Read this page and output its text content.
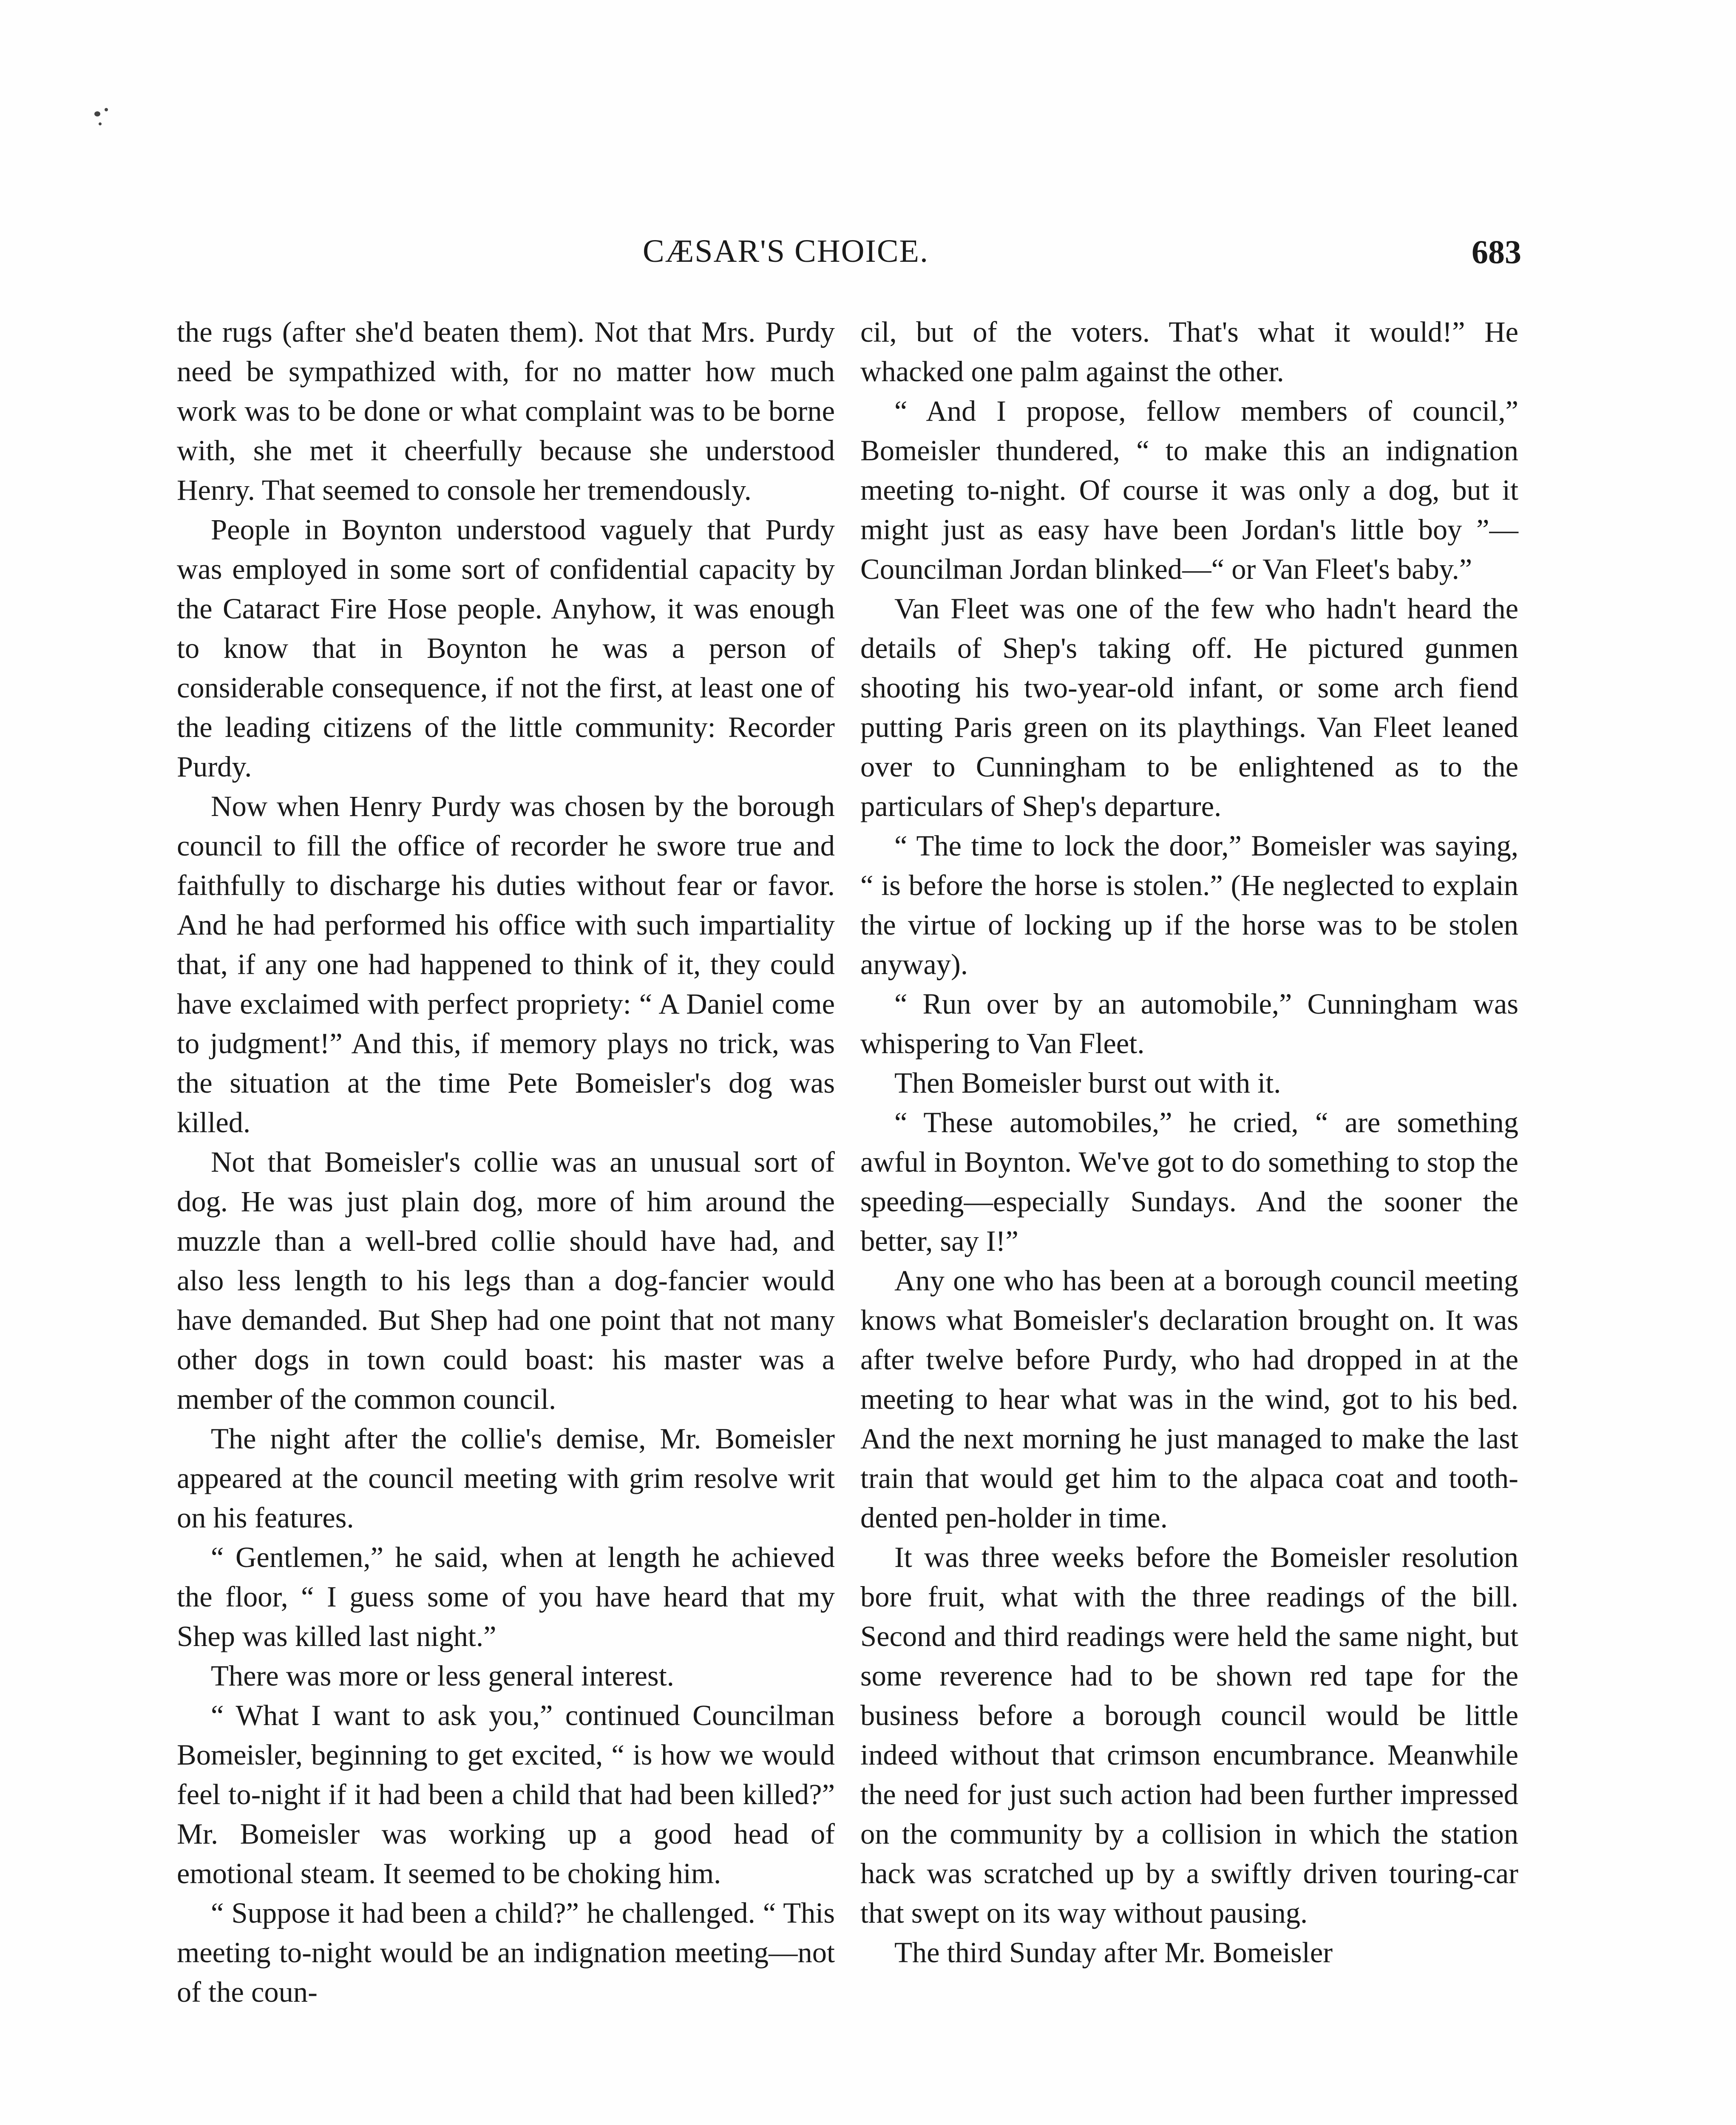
CÆSAR'S CHOICE.	683

the rugs (after she'd beaten them). Not that Mrs. Purdy need be sympathized with, for no matter how much work was to be done or what complaint was to be borne with, she met it cheerfully because she understood Henry. That seemed to console her tremendously.

People in Boynton understood vaguely that Purdy was employed in some sort of confidential capacity by the Cataract Fire Hose people. Anyhow, it was enough to know that in Boynton he was a person of considerable consequence, if not the first, at least one of the leading citizens of the little community: Recorder Purdy.

Now when Henry Purdy was chosen by the borough council to fill the office of recorder he swore true and faithfully to discharge his duties without fear or favor. And he had performed his office with such impartiality that, if any one had happened to think of it, they could have exclaimed with perfect propriety: “ A Daniel come to judgment!” And this, if memory plays no trick, was the situation at the time Pete Bomeisler's dog was killed.

Not that Bomeisler's collie was an unusual sort of dog. He was just plain dog, more of him around the muzzle than a well-bred collie should have had, and also less length to his legs than a dog-fancier would have demanded. But Shep had one point that not many other dogs in town could boast: his master was a member of the common council.

The night after the collie's demise, Mr. Bomeisler appeared at the council meeting with grim resolve writ on his features.

“ Gentlemen,” he said, when at length he achieved the floor, “ I guess some of you have heard that my Shep was killed last night.”

There was more or less general interest.

“ What I want to ask you,” continued Councilman Bomeisler, beginning to get excited, “ is how we would feel to-night if it had been a child that had been killed?” Mr. Bomeisler was working up a good head of emotional steam. It seemed to be choking him.

“ Suppose it had been a child?” he challenged. “ This meeting to-night would be an indignation meeting—not of the coun-

cil, but of the voters. That's what it would!” He whacked one palm against the other.

“ And I propose, fellow members of council,” Bomeisler thundered, “ to make this an indignation meeting to-night. Of course it was only a dog, but it might just as easy have been Jordan's little boy ”—Councilman Jordan blinked—“ or Van Fleet's baby.”

Van Fleet was one of the few who hadn't heard the details of Shep's taking off. He pictured gunmen shooting his two-year-old infant, or some arch fiend putting Paris green on its playthings. Van Fleet leaned over to Cunningham to be enlightened as to the particulars of Shep's departure.

“ The time to lock the door,” Bomeisler was saying, “ is before the horse is stolen.” (He neglected to explain the virtue of locking up if the horse was to be stolen anyway).

“ Run over by an automobile,” Cunningham was whispering to Van Fleet.

Then Bomeisler burst out with it.

“ These automobiles,” he cried, “ are something awful in Boynton. We've got to do something to stop the speeding—especially Sundays. And the sooner the better, say I!”

Any one who has been at a borough council meeting knows what Bomeisler's declaration brought on. It was after twelve before Purdy, who had dropped in at the meeting to hear what was in the wind, got to his bed. And the next morning he just managed to make the last train that would get him to the alpaca coat and tooth-dented pen-holder in time.

It was three weeks before the Bomeisler resolution bore fruit, what with the three readings of the bill. Second and third readings were held the same night, but some reverence had to be shown red tape for the business before a borough council would be little indeed without that crimson encumbrance. Meanwhile the need for just such action had been further impressed on the community by a collision in which the station hack was scratched up by a swiftly driven touring-car that swept on its way without pausing.

The third Sunday after Mr. Bomeisler
